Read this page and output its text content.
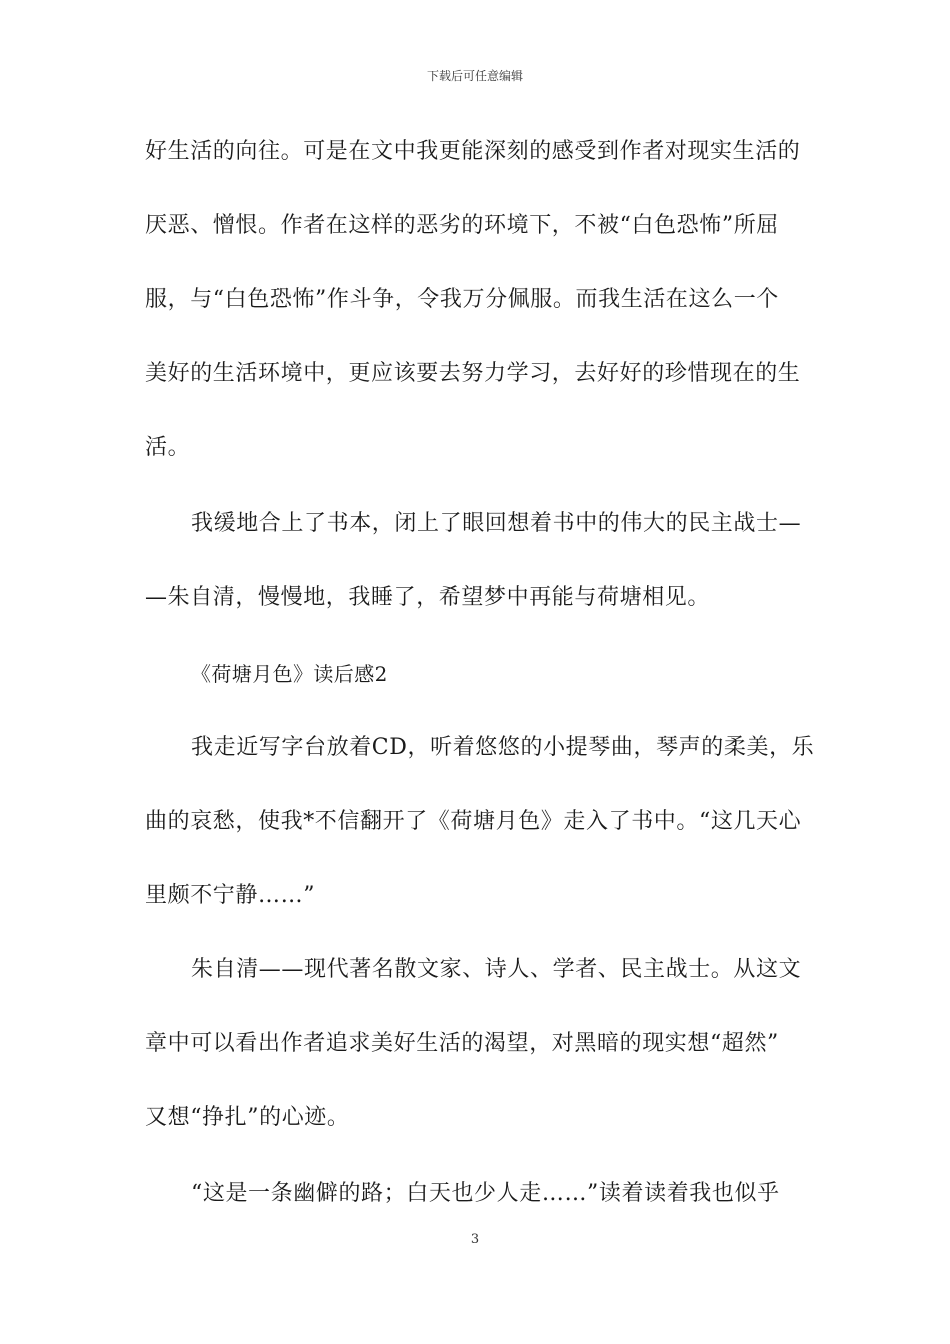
下载后可任意编辑
好生活的向往。可是在文中我更能深刻的感受到作者对现实生活的
厌恶、憎恨。作者在这样的恶劣的环境下，不被“白色恐怖”所屈
服，与“白色恐怖”作斗争，令我万分佩服。而我生活在这么一个
美好的生活环境中，更应该要去努力学习，去好好的珍惜现在的生
活。
我缓地合上了书本，闭上了眼回想着书中的伟大的民主战士—
—朱自清，慢慢地，我睡了，希望梦中再能与荷塘相见。
《荷塘月色》读后感2
我走近写字台放着CD，听着悠悠的小提琴曲，琴声的柔美，乐
曲的哀愁，使我*不信翻开了《荷塘月色》走入了书中。“这几天心
里颇不宁静……”
朱自清——现代著名散文家、诗人、学者、民主战士。从这文
章中可以看出作者追求美好生活的渴望，对黑暗的现实想“超然”
又想“挣扎”的心迹。
“这是一条幽僻的路；白天也少人走……”读着读着我也似乎
3
